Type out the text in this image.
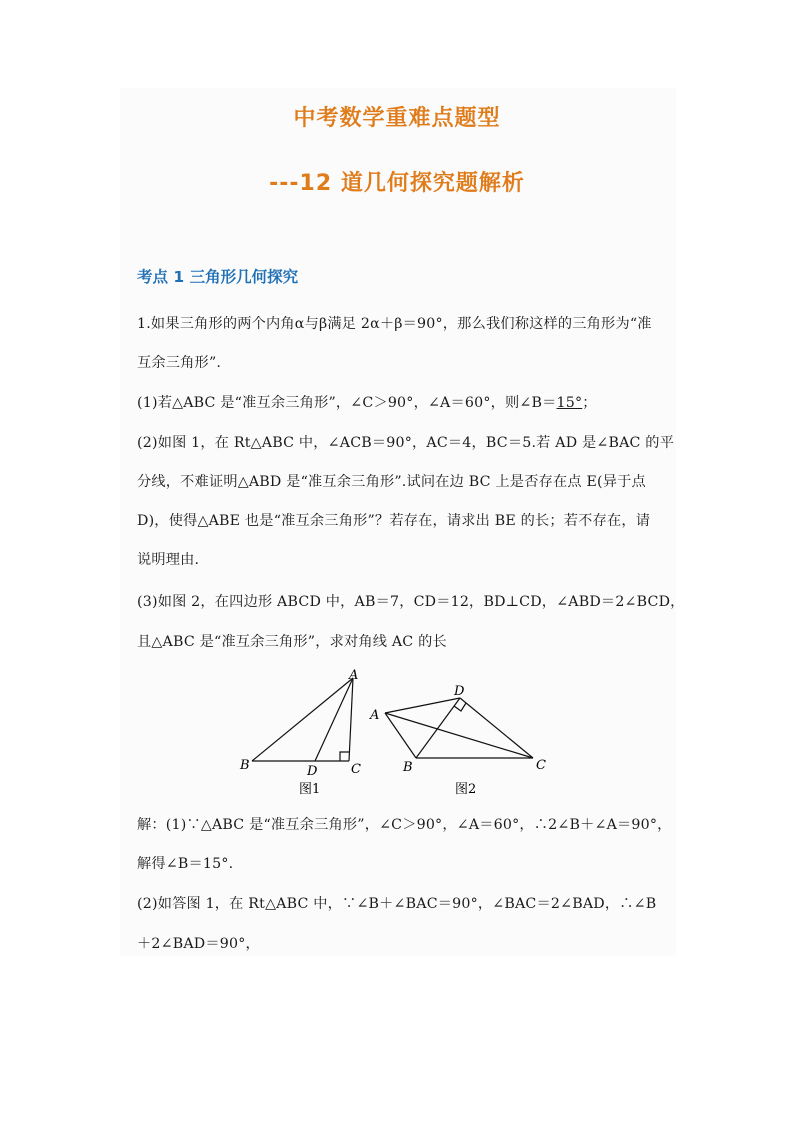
中考数学重难点题型
---12 道几何探究题解析
考点 1 三角形几何探究
1.如果三角形的两个内角α与β满足 2α＋β＝90°，那么我们称这样的三角形为“准
互余三角形”.
(1)若△ABC 是“准互余三角形”，∠C＞90°，∠A＝60°，则∠B＝15°；
(2)如图 1，在 Rt△ABC 中，∠ACB＝90°，AC＝4，BC＝5.若 AD 是∠BAC 的平
分线，不难证明△ABD 是“准互余三角形”.试问在边 BC 上是否存在点 E(异于点
D)，使得△ABE 也是“准互余三角形”？若存在，请求出 BE 的长；若不存在，请
说明理由.
(3)如图 2，在四边形 ABCD 中，AB＝7，CD＝12，BD⊥CD，∠ABD＝2∠BCD，
且△ABC 是“准互余三角形”，求对角线 AC 的长
A
B	C
D
图1
A
B	C
D
图2
解：(1)∵△ABC 是“准互余三角形”，∠C＞90°，∠A＝60°，∴2∠B＋∠A＝90°，
解得∠B＝15°.
(2)如答图 1，在 Rt△ABC 中，∵∠B＋∠BAC＝90°，∠BAC＝2∠BAD，∴∠B
＋2∠BAD＝90°，
